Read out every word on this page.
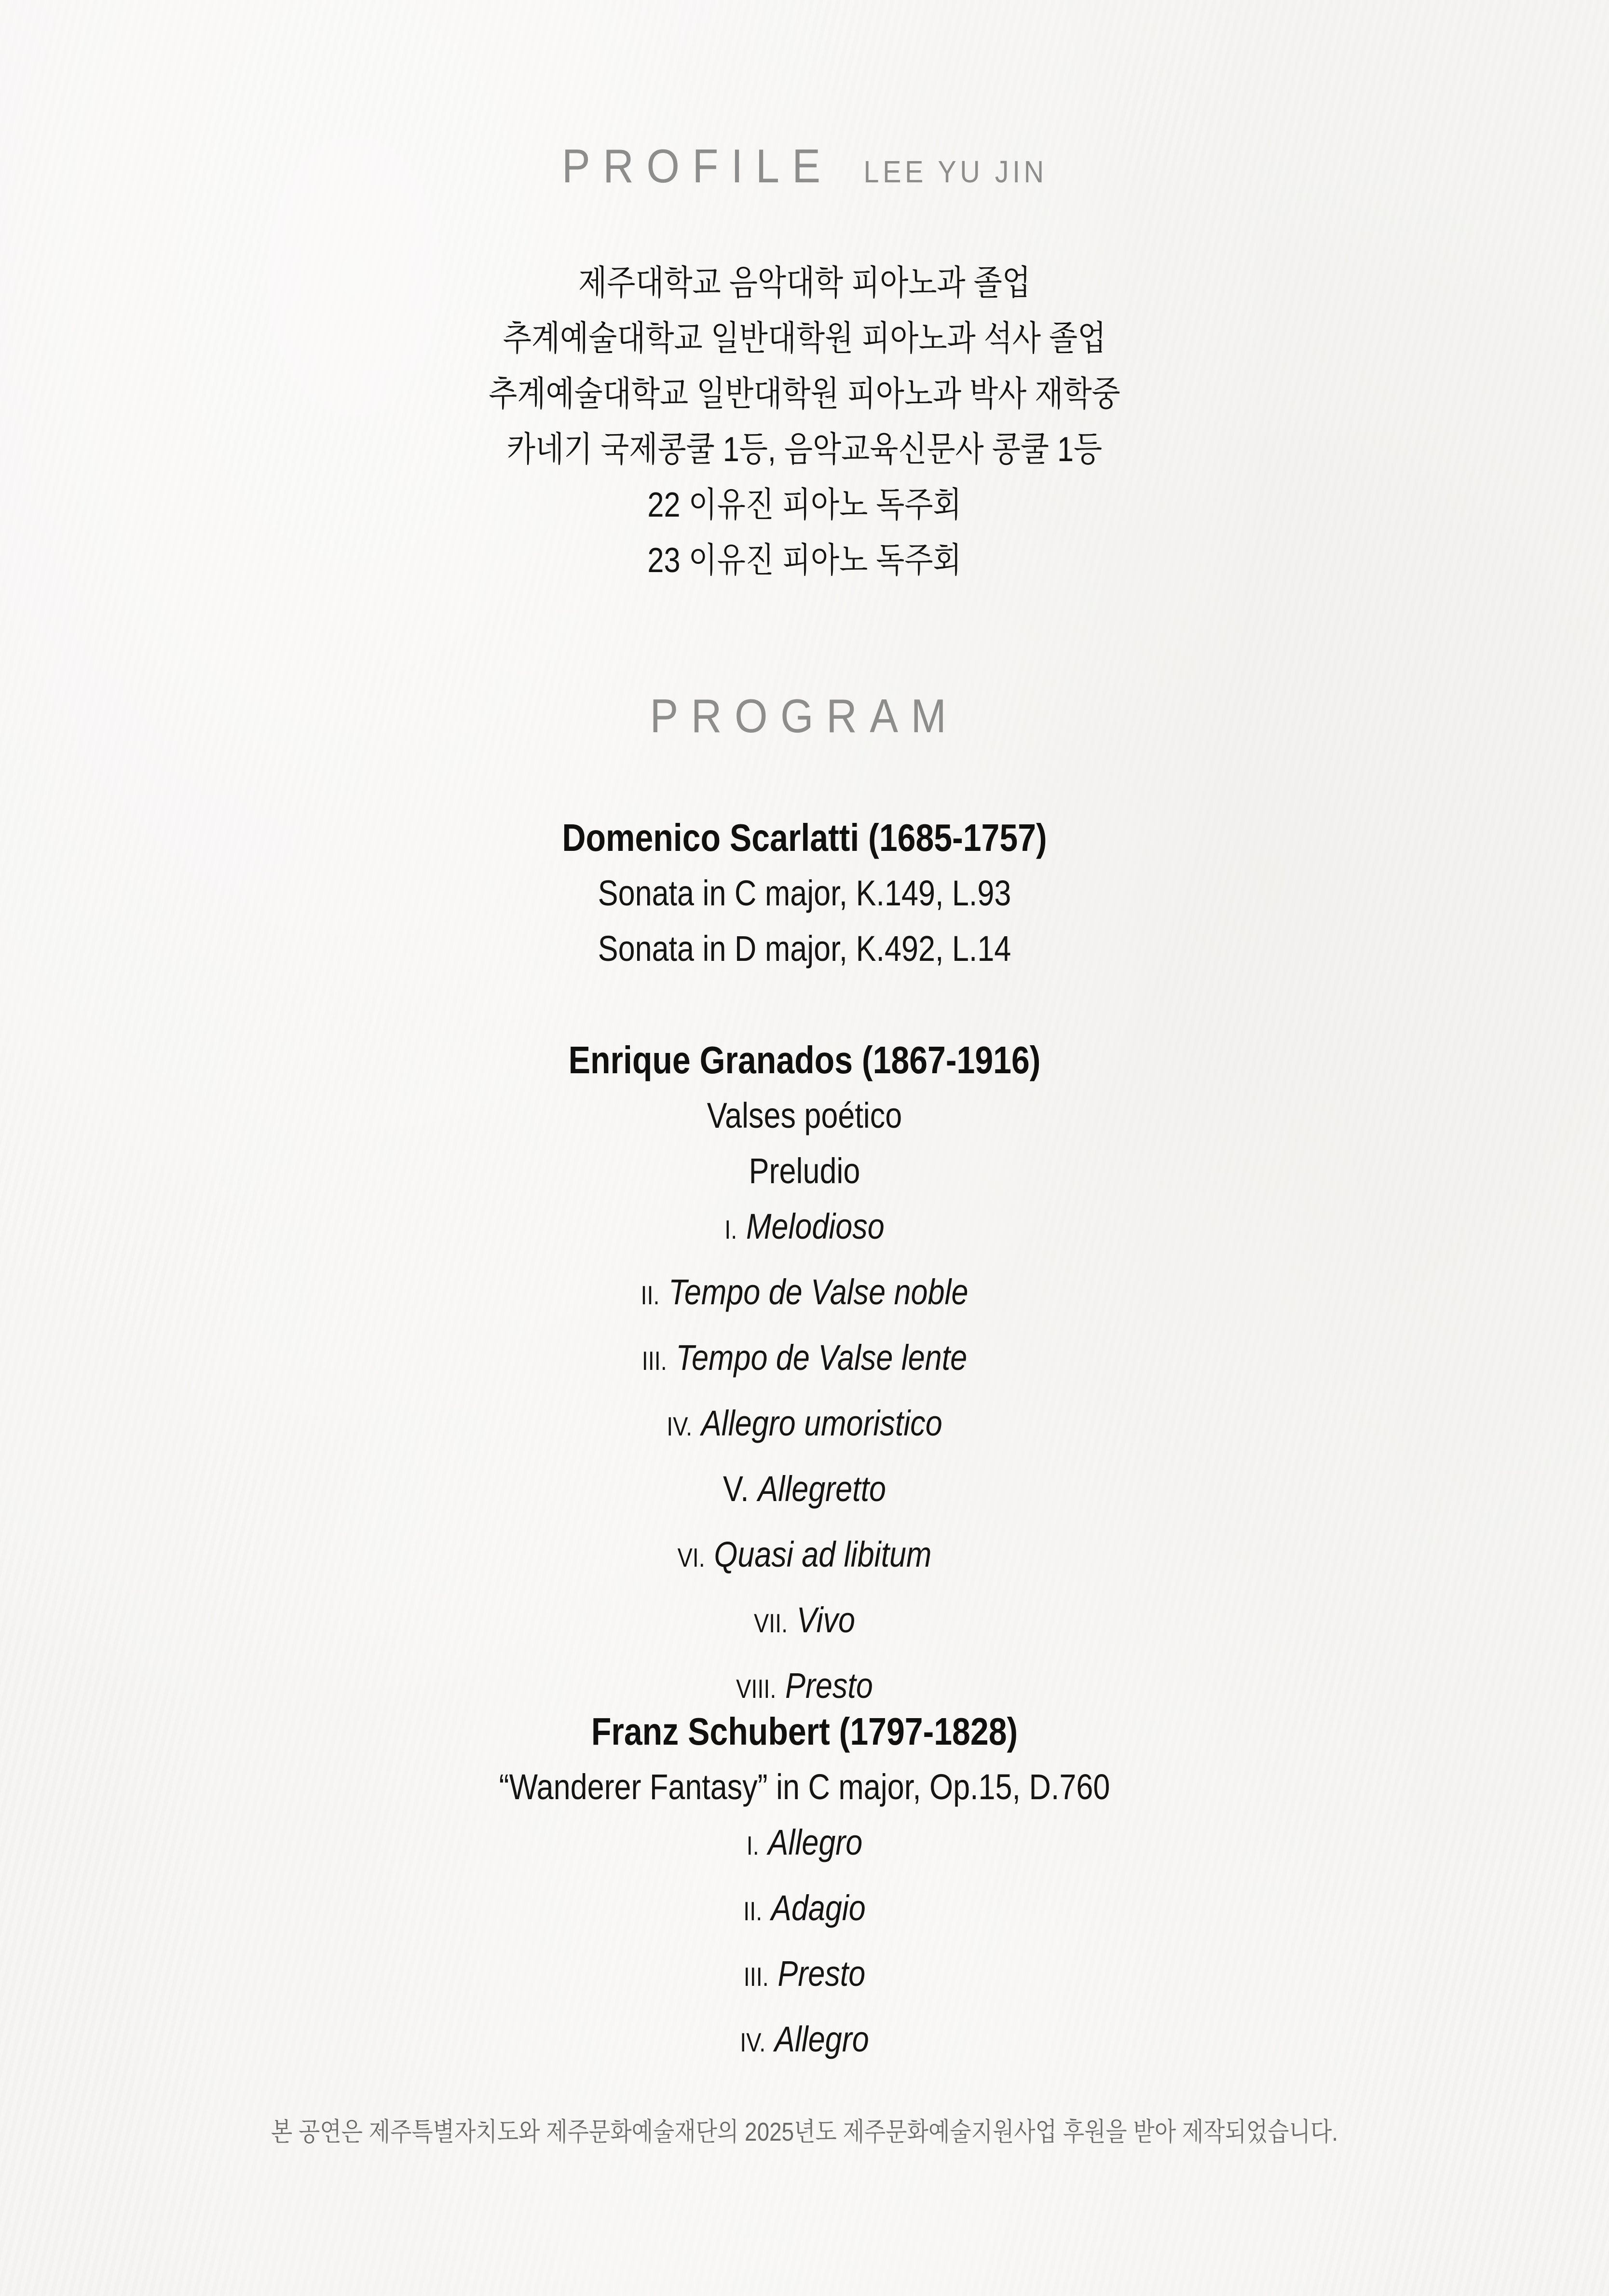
PROFILE LEE YU JIN

제주대학교 음악대학 피아노과 졸업

추계예술대학교 일반대학원 피아노과 석사 졸업

추계예술대학교 일반대학원 피아노과 박사 재학중

카네기 국제콩쿨 1등, 음악교육신문사 콩쿨 1등

22 이유진 피아노 독주회

23 이유진 피아노 독주회

PROGRAM

Domenico Scarlatti (1685-1757)

Sonata in C major, K.149, L.93

Sonata in D major, K.492, L.14

Enrique Granados (1867-1916)

Valses poético

Preludio

I. Melodioso

II. Tempo de Valse noble

III. Tempo de Valse lente

IV. Allegro umoristico

V. Allegretto

VI. Quasi ad libitum

VII. Vivo

VIII. Presto

Franz Schubert (1797-1828)

“Wanderer Fantasy” in C major, Op.15, D.760

I. Allegro

II. Adagio

III. Presto

IV. Allegro

본 공연은 제주특별자치도와 제주문화예술재단의 2025년도 제주문화예술지원사업 후원을 받아 제작되었습니다.
